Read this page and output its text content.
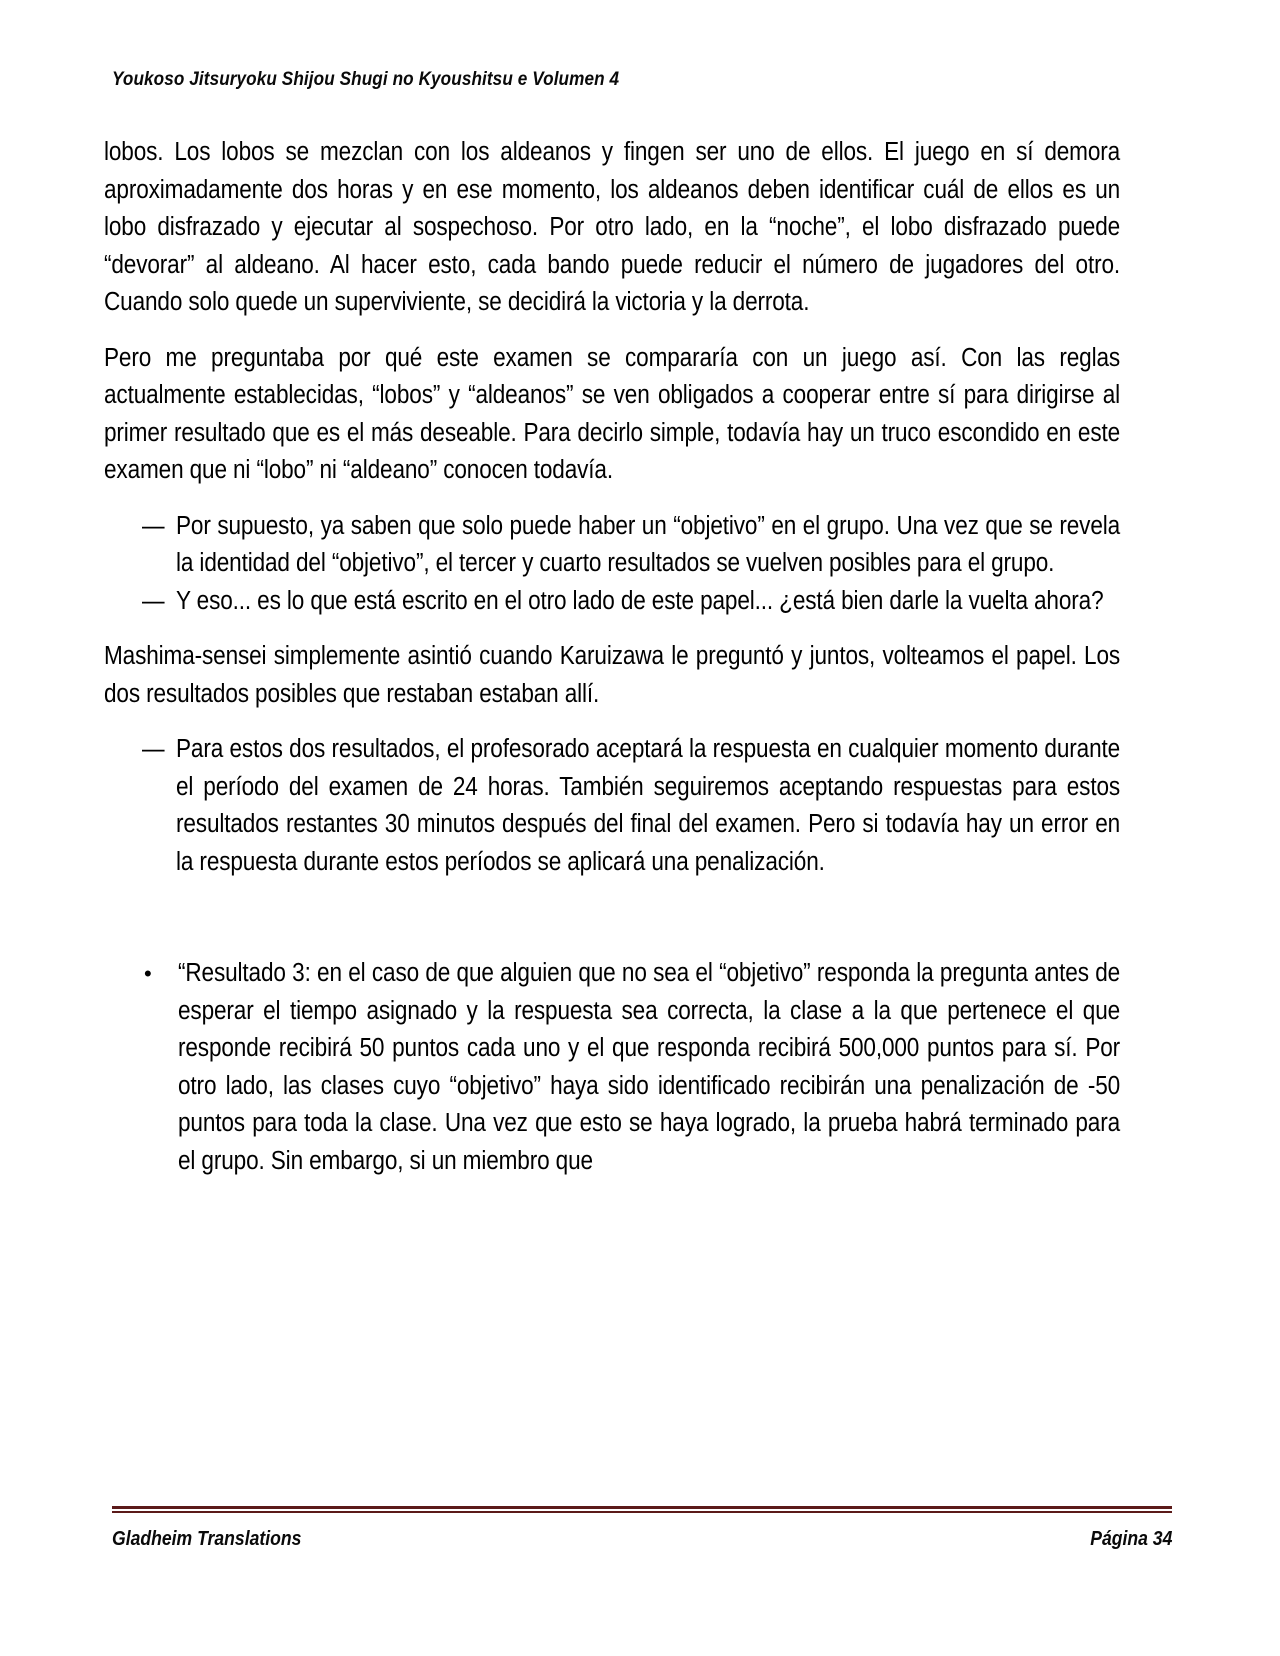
Youkoso Jitsuryoku Shijou Shugi no Kyoushitsu e Volumen 4

lobos. Los lobos se mezclan con los aldeanos y fingen ser uno de ellos. El juego en sí demora aproximadamente dos horas y en ese momento, los aldeanos deben identificar cuál de ellos es un lobo disfrazado y ejecutar al sospechoso. Por otro lado, en la “noche”, el lobo disfrazado puede “devorar” al aldeano. Al hacer esto, cada bando puede reducir el número de jugadores del otro. Cuando solo quede un superviviente, se decidirá la victoria y la derrota.

Pero me preguntaba por qué este examen se compararía con un juego así. Con las reglas actualmente establecidas, “lobos” y “aldeanos” se ven obligados a cooperar entre sí para dirigirse al primer resultado que es el más deseable. Para decirlo simple, todavía hay un truco escondido en este examen que ni “lobo” ni “aldeano” conocen todavía.

— Por supuesto, ya saben que solo puede haber un “objetivo” en el grupo. Una vez que se revela la identidad del “objetivo”, el tercer y cuarto resultados se vuelven posibles para el grupo.
— Y eso... es lo que está escrito en el otro lado de este papel... ¿está bien darle la vuelta ahora?

Mashima-sensei simplemente asintió cuando Karuizawa le preguntó y juntos, volteamos el papel. Los dos resultados posibles que restaban estaban allí.

— Para estos dos resultados, el profesorado aceptará la respuesta en cualquier momento durante el período del examen de 24 horas. También seguiremos aceptando respuestas para estos resultados restantes 30 minutos después del final del examen. Pero si todavía hay un error en la respuesta durante estos períodos se aplicará una penalización.
•	“Resultado 3: en el caso de que alguien que no sea el “objetivo” responda la pregunta antes de esperar el tiempo asignado y la respuesta sea correcta, la clase a la que pertenece el que responde recibirá 50 puntos cada uno y el que responda recibirá 500,000 puntos para sí. Por otro lado, las clases cuyo “objetivo” haya sido identificado recibirán una penalización de -50 puntos para toda la clase. Una vez que esto se haya logrado, la prueba habrá terminado para el grupo. Sin embargo, si un miembro que
Gladheim Translations	Página 34
